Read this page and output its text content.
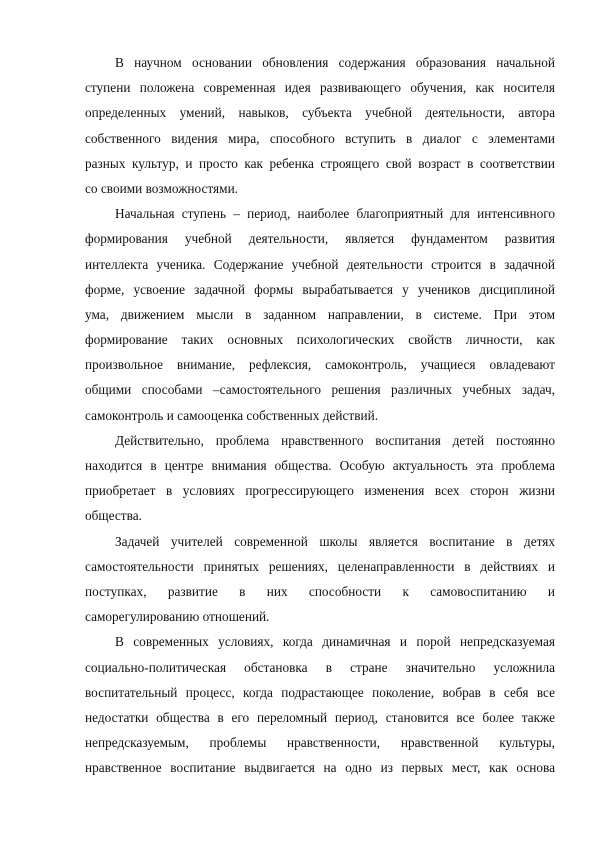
В научном основании обновления содержания образования начальной
ступени положена современная идея развивающего обучения, как носителя
определенных умений, навыков, субъекта учебной деятельности, автора
собственного видения мира, способного вступить в диалог с элементами
разных культур, и просто как ребенка строящего свой возраст в соответствии
со своими возможностями.

Начальная ступень – период, наиболее благоприятный для интенсивного
формирования учебной деятельности, является фундаментом развития
интеллекта ученика. Содержание учебной деятельности строится в задачной
форме, усвоение задачной формы вырабатывается у учеников дисциплиной
ума, движением мысли в заданном направлении, в системе. При этом
формирование таких основных психологических свойств личности, как
произвольное внимание, рефлексия, самоконтроль, учащиеся овладевают
общими способами –самостоятельного решения различных учебных задач,
самоконтроль и самооценка собственных действий.

Действительно, проблема нравственного воспитания детей постоянно
находится в центре внимания общества. Особую актуальность эта проблема
приобретает в условиях прогрессирующего изменения всех сторон жизни
общества.

Задачей учителей современной школы является воспитание в детях
самостоятельности принятых решениях, целенаправленности в действиях и
поступках, развитие в них способности к самовоспитанию и
саморегулированию отношений.

В современных условиях, когда динамичная и порой непредсказуемая
социально-политическая обстановка в стране значительно усложнила
воспитательный процесс, когда подрастающее поколение, вобрав в себя все
недостатки общества в его переломный период, становится все более также
непредсказуемым, проблемы нравственности, нравственной культуры,
нравственное воспитание выдвигается на одно из первых мест, как основа
